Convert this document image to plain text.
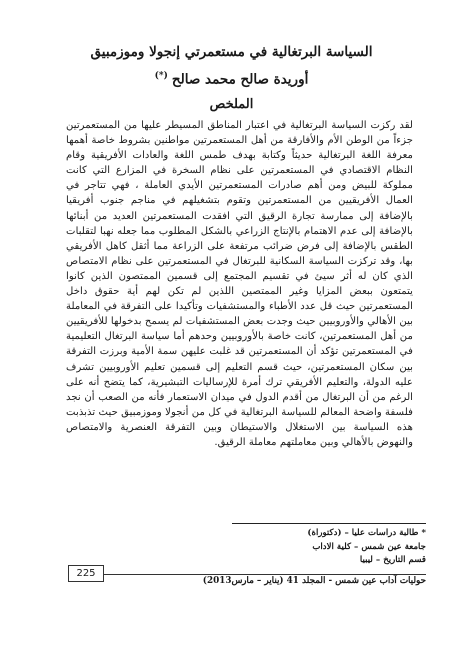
السياسة البرتغالية في مستعمرتي إنجولا وموزمبيق
أوريدة صالح محمد صالح(*)
الملخص
لقد ركزت السياسة البرتغالية في اعتبار المناطق المسيطر عليها من المستعمرتين جزءاً من الوطن الأم والأفارقة من أهل المستعمرتين مواطنين بشروط خاصة أهمها معرفة اللغة البرتغالية حديثاً وكتابة بهدف طمس اللغة والعادات الأفريقية وقام النظام الاقتصادي في المستعمرتين على نظام السخرة في المزارع التي كانت مملوكة للبيض ومن أهم صادرات المستعمرتين الأيدي العاملة ، فهي تتاجر في العمال الأفريقيين من المستعمرتين وتقوم بتشغيلهم في مناجم جنوب أفريقيا بالإضافة إلى ممارسة تجارة الرقيق التي افقدت المستعمرتين العديد من أبنائها بالإضافة إلى عدم الاهتمام بالإنتاج الزراعي بالشكل المطلوب مما جعله نهبا لتقلبات الطقس بالإضافة إلى فرض ضرائب مرتفعة على الزراعة مما أثقل كاهل الأفريقي بها، وقد تركزت السياسة السكانية للبرتغال في المستعمرتين على نظام الامتصاص الذي كان له أثر سيئ في تقسيم المجتمع إلى قسمين الممتصون الذين كانوا يتمتعون ببعض المزايا وغير الممتصين اللذين لم تكن لهم أية حقوق داخل المستعمرتين حيث قل عدد الأطباء والمستشفيات وتأكيدا على التفرقة في المعاملة بين الأهالي والأوروبيين حيث وجدت بعض المستشفيات لم يسمح بدخولها للأفريقيين من أهل المستعمرتين، كانت خاصة بالأوروبيين وحدهم أما سياسة البرتغال التعليمية في المستعمرتين تؤكد أن المستعمرتين قد غلبت عليهن سمة الأمية وبرزت التفرقة بين سكان المستعمرتين، حيث قسم التعليم إلى قسمين تعليم الأوروبيين تشرف عليه الدولة، والتعليم الأفريقي ترك أمرة للإرساليات التبشيرية، كما يتضح أنه على الرغم من أن البرتغال من أقدم الدول في ميدان الاستعمار فأنه من الصعب أن نجد فلسفة واضحة المعالم للسياسة البرتغالية في كل من أنجولا وموزمبيق حيث تذبذبت هذه السياسة بين الاستغلال والاستيطان وبين التفرقة العنصرية والامتصاص والنهوض بالأهالي وبين معاملتهم معاملة الرقيق.
* طالبة دراسات عليا – (دكتوراة)
جامعة عين شمس – كلية الاداب
قسم التاريخ – ليبيا
225
حوليات آداب عين شمس - المجلد 41 (يناير – مارس2013)
